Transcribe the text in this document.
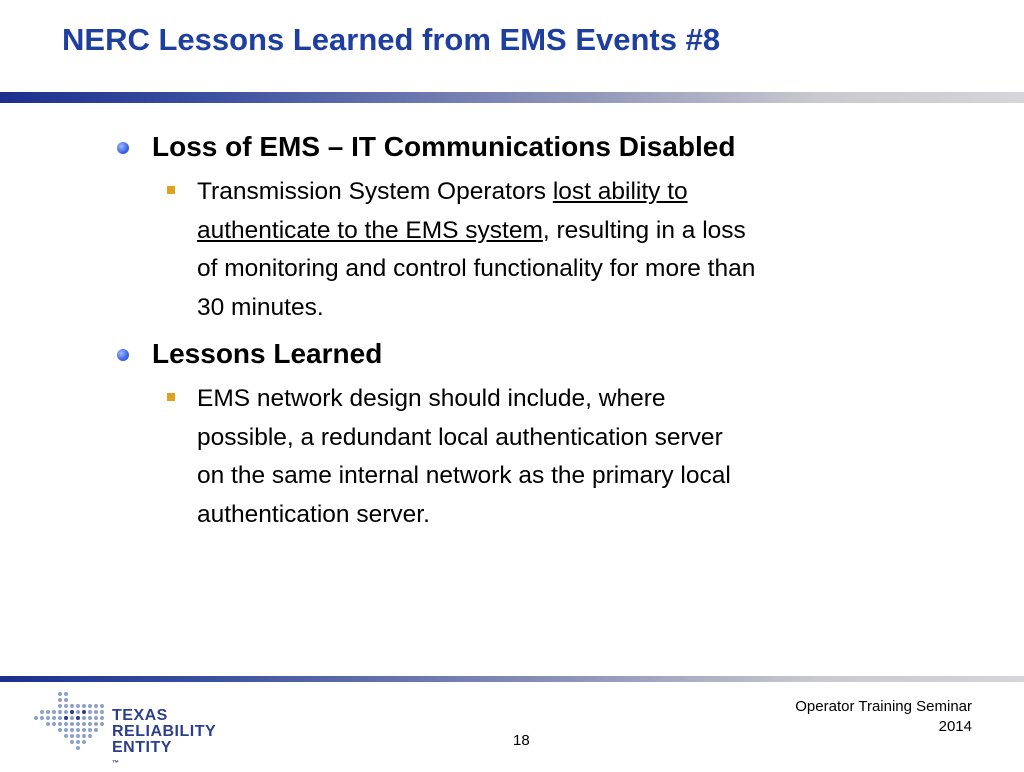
NERC Lessons Learned from EMS Events #8
Loss of EMS – IT Communications Disabled
Transmission System Operators lost ability to
authenticate to the EMS system, resulting in a loss
of monitoring and control functionality for more than
30 minutes.
Lessons Learned
EMS network design should include, where
possible, a redundant local authentication server
on the same internal network as the primary local
authentication server.
TEXAS
RELIABILITY
ENTITY
™
18
Operator Training Seminar
2014
